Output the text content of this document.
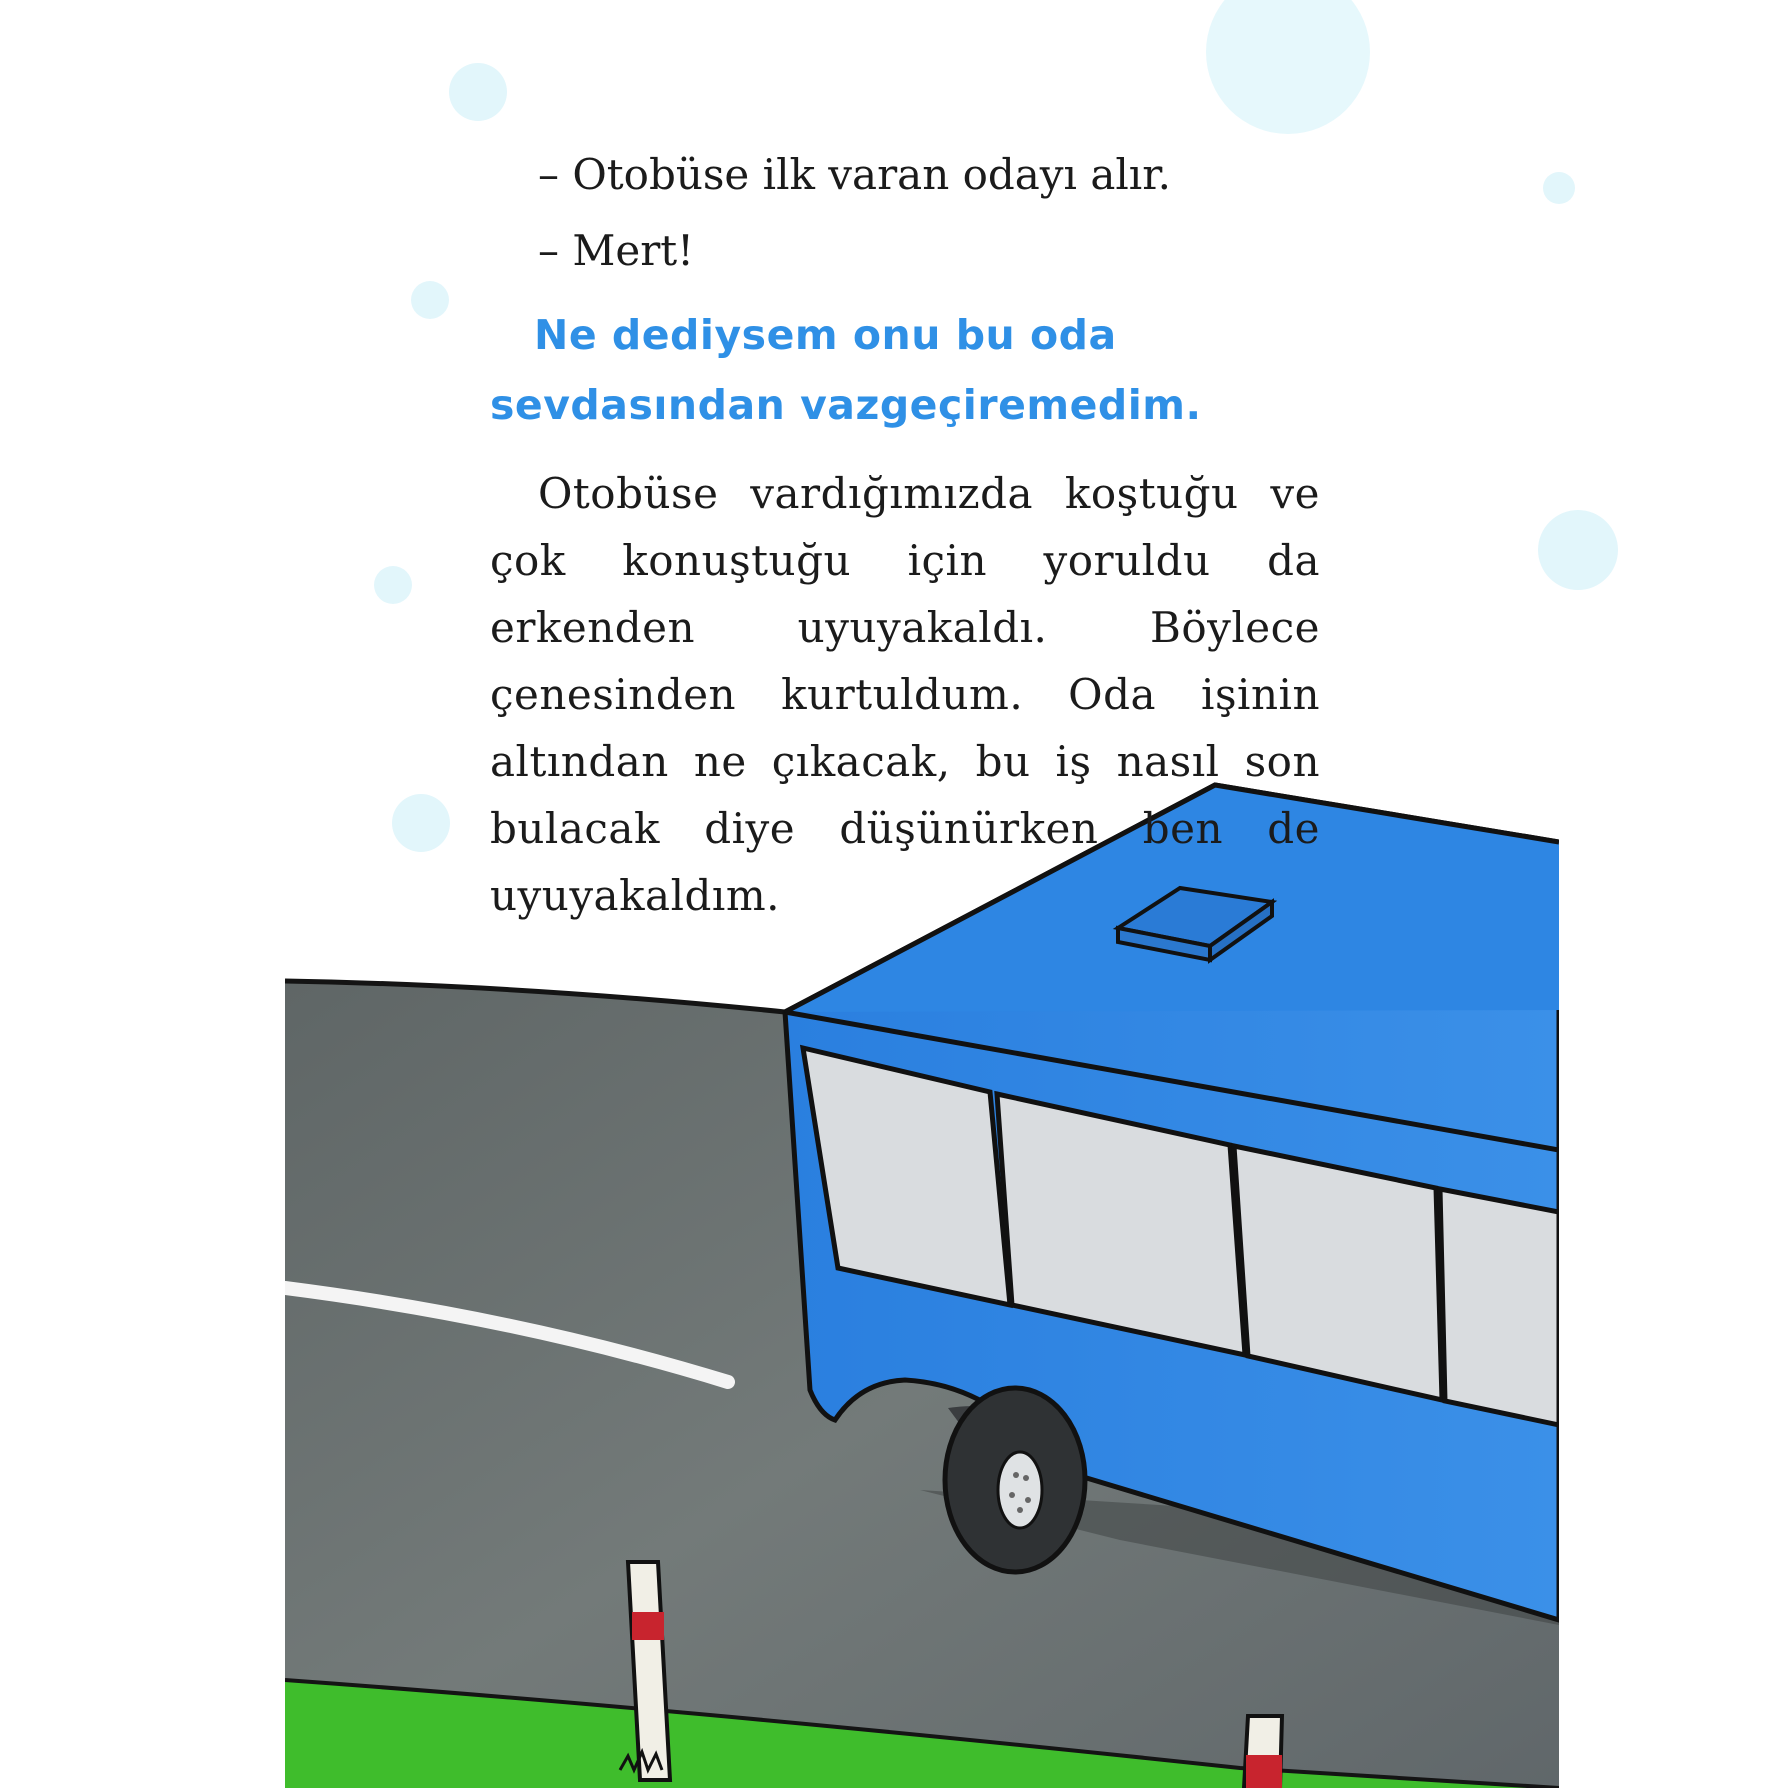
– Otobüse ilk varan odayı alır.

– Mert!

Ne dediysem onu bu oda sevdasından vazgeçiremedim.

Otobüse vardığımızda koştuğu ve çok konuştuğu için yoruldu da erkenden uyuyakaldı. Böylece çenesinden kurtuldum. Oda işinin altından ne çıkacak, bu iş nasıl son bulacak diye düşünürken ben de uyuyakaldım.
